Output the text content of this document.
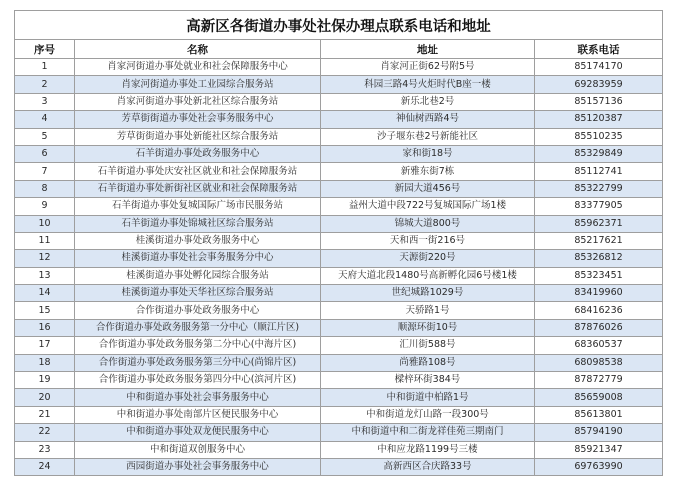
高新区各街道办事处社保办理点联系电话和地址			
序号	名称	地址	联系电话
1	肖家河街道办事处就业和社会保障服务中心	肖家河正街62号附5号	85174170
2	肖家河街道办事处工业园综合服务站	科园三路4号火炬时代B座一楼	69283959
3	肖家河街道办事处新北社区综合服务站	新乐北巷2号	85157136
4	芳草街街道办事处社会事务服务中心	神仙树西路4号	85120387
5	芳草街街道办事处新能社区综合服务站	沙子堰东巷2号新能社区	85510235
6	石羊街道办事处政务服务中心	家和街18号	85329849
7	石羊街道办事处庆安社区就业和社会保障服务站	新雅东街7栋	85112741
8	石羊街道办事处新街社区就业和社会保障服务站	新园大道456号	85322799
9	石羊街道办事处复城国际广场市民服务站	益州大道中段722号复城国际广场1楼	83377905
10	石羊街道办事处锦城社区综合服务站	锦城大道800号	85962371
11	桂溪街道办事处政务服务中心	天和西一街216号	85217621
12	桂溪街道办事处社会事务服务分中心	天源街220号	85326812
13	桂溪街道办事处孵化园综合服务站	天府大道北段1480号高新孵化园6号楼1楼	85323451
14	桂溪街道办事处天华社区综合服务站	世纪城路1029号	83419960
15	合作街道办事处政务服务中心	天骄路1号	68416236
16	合作街道办事处政务服务第一分中心（顺江片区)	顺源环街10号	87876026
17	合作街道办事处政务服务第二分中心(中海片区)	汇川街588号	68360537
18	合作街道办事处政务服务第三分中心(尚锦片区)	尚雅路108号	68098538
19	合作街道办事处政务服务第四分中心(滨河片区)	樑梓环街384号	87872779
20	中和街道办事处社会事务服务中心	中和街道中柏路1号	85659008
21	中和街道办事处南部片区便民服务中心	中和街道龙灯山路一段300号	85613801
22	中和街道办事处双龙便民服务中心	中和街道中和二街龙祥佳苑三期南门	85794190
23	中和街道双创服务中心	中和应龙路1199号三楼	85921347
24	西园街道办事处社会事务服务中心	高新西区合庆路33号	69763990
